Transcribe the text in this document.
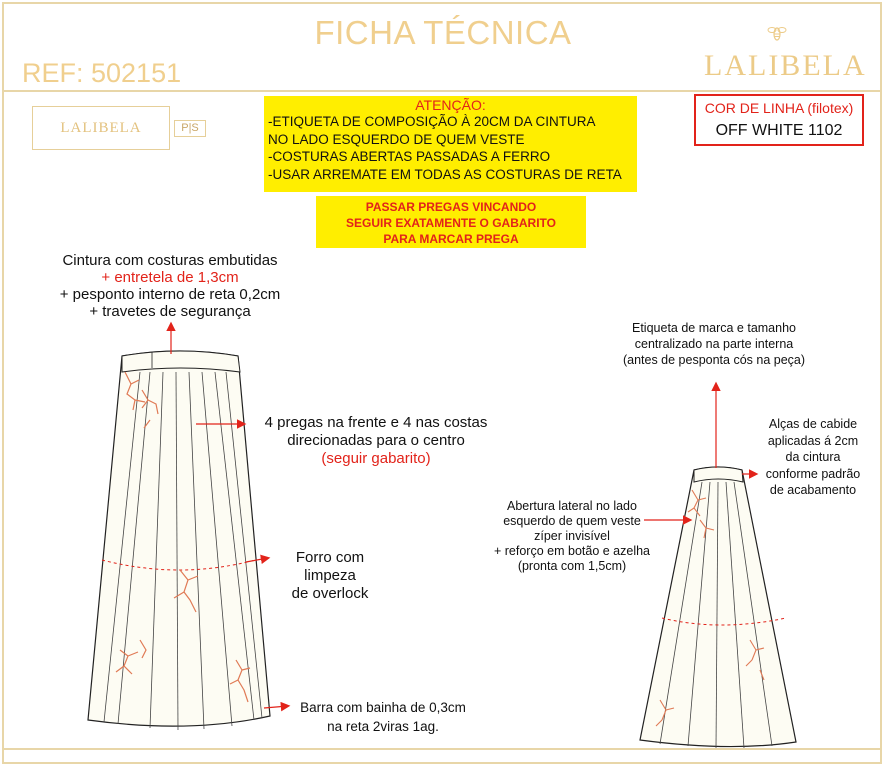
FICHA TÉCNICA
REF: 502151	LALIBELA
LALIBELA	P|S
ATENÇÃO:
-ETIQUETA DE COMPOSIÇÃO À 20CM DA CINTURA
NO LADO ESQUERDO DE QUEM VESTE
-COSTURAS ABERTAS PASSADAS A FERRO
-USAR ARREMATE EM TODAS AS COSTURAS DE RETA
PASSAR PREGAS VINCANDO
SEGUIR EXATAMENTE O GABARITO
PARA MARCAR PREGA
COR DE LINHA (filotex)
OFF WHITE 1102
Cintura com costuras embutidas
+ entretela de 1,3cm
+ pesponto interno de reta 0,2cm
+ travetes de segurança
4 pregas na frente e 4 nas costas
direcionadas para o centro
(seguir gabarito)
Forro com limpeza
de overlock
Barra com bainha de 0,3cm
na reta 2viras 1ag.
Etiqueta de marca e tamanho
centralizado na parte interna
(antes de pesponta cós na peça)
Alças de cabide
aplicadas á 2cm
da cintura
conforme padrão
de acabamento
Abertura lateral no lado
esquerdo de quem veste
zíper invisível
+ reforço em botão e azelha
(pronta com 1,5cm)
